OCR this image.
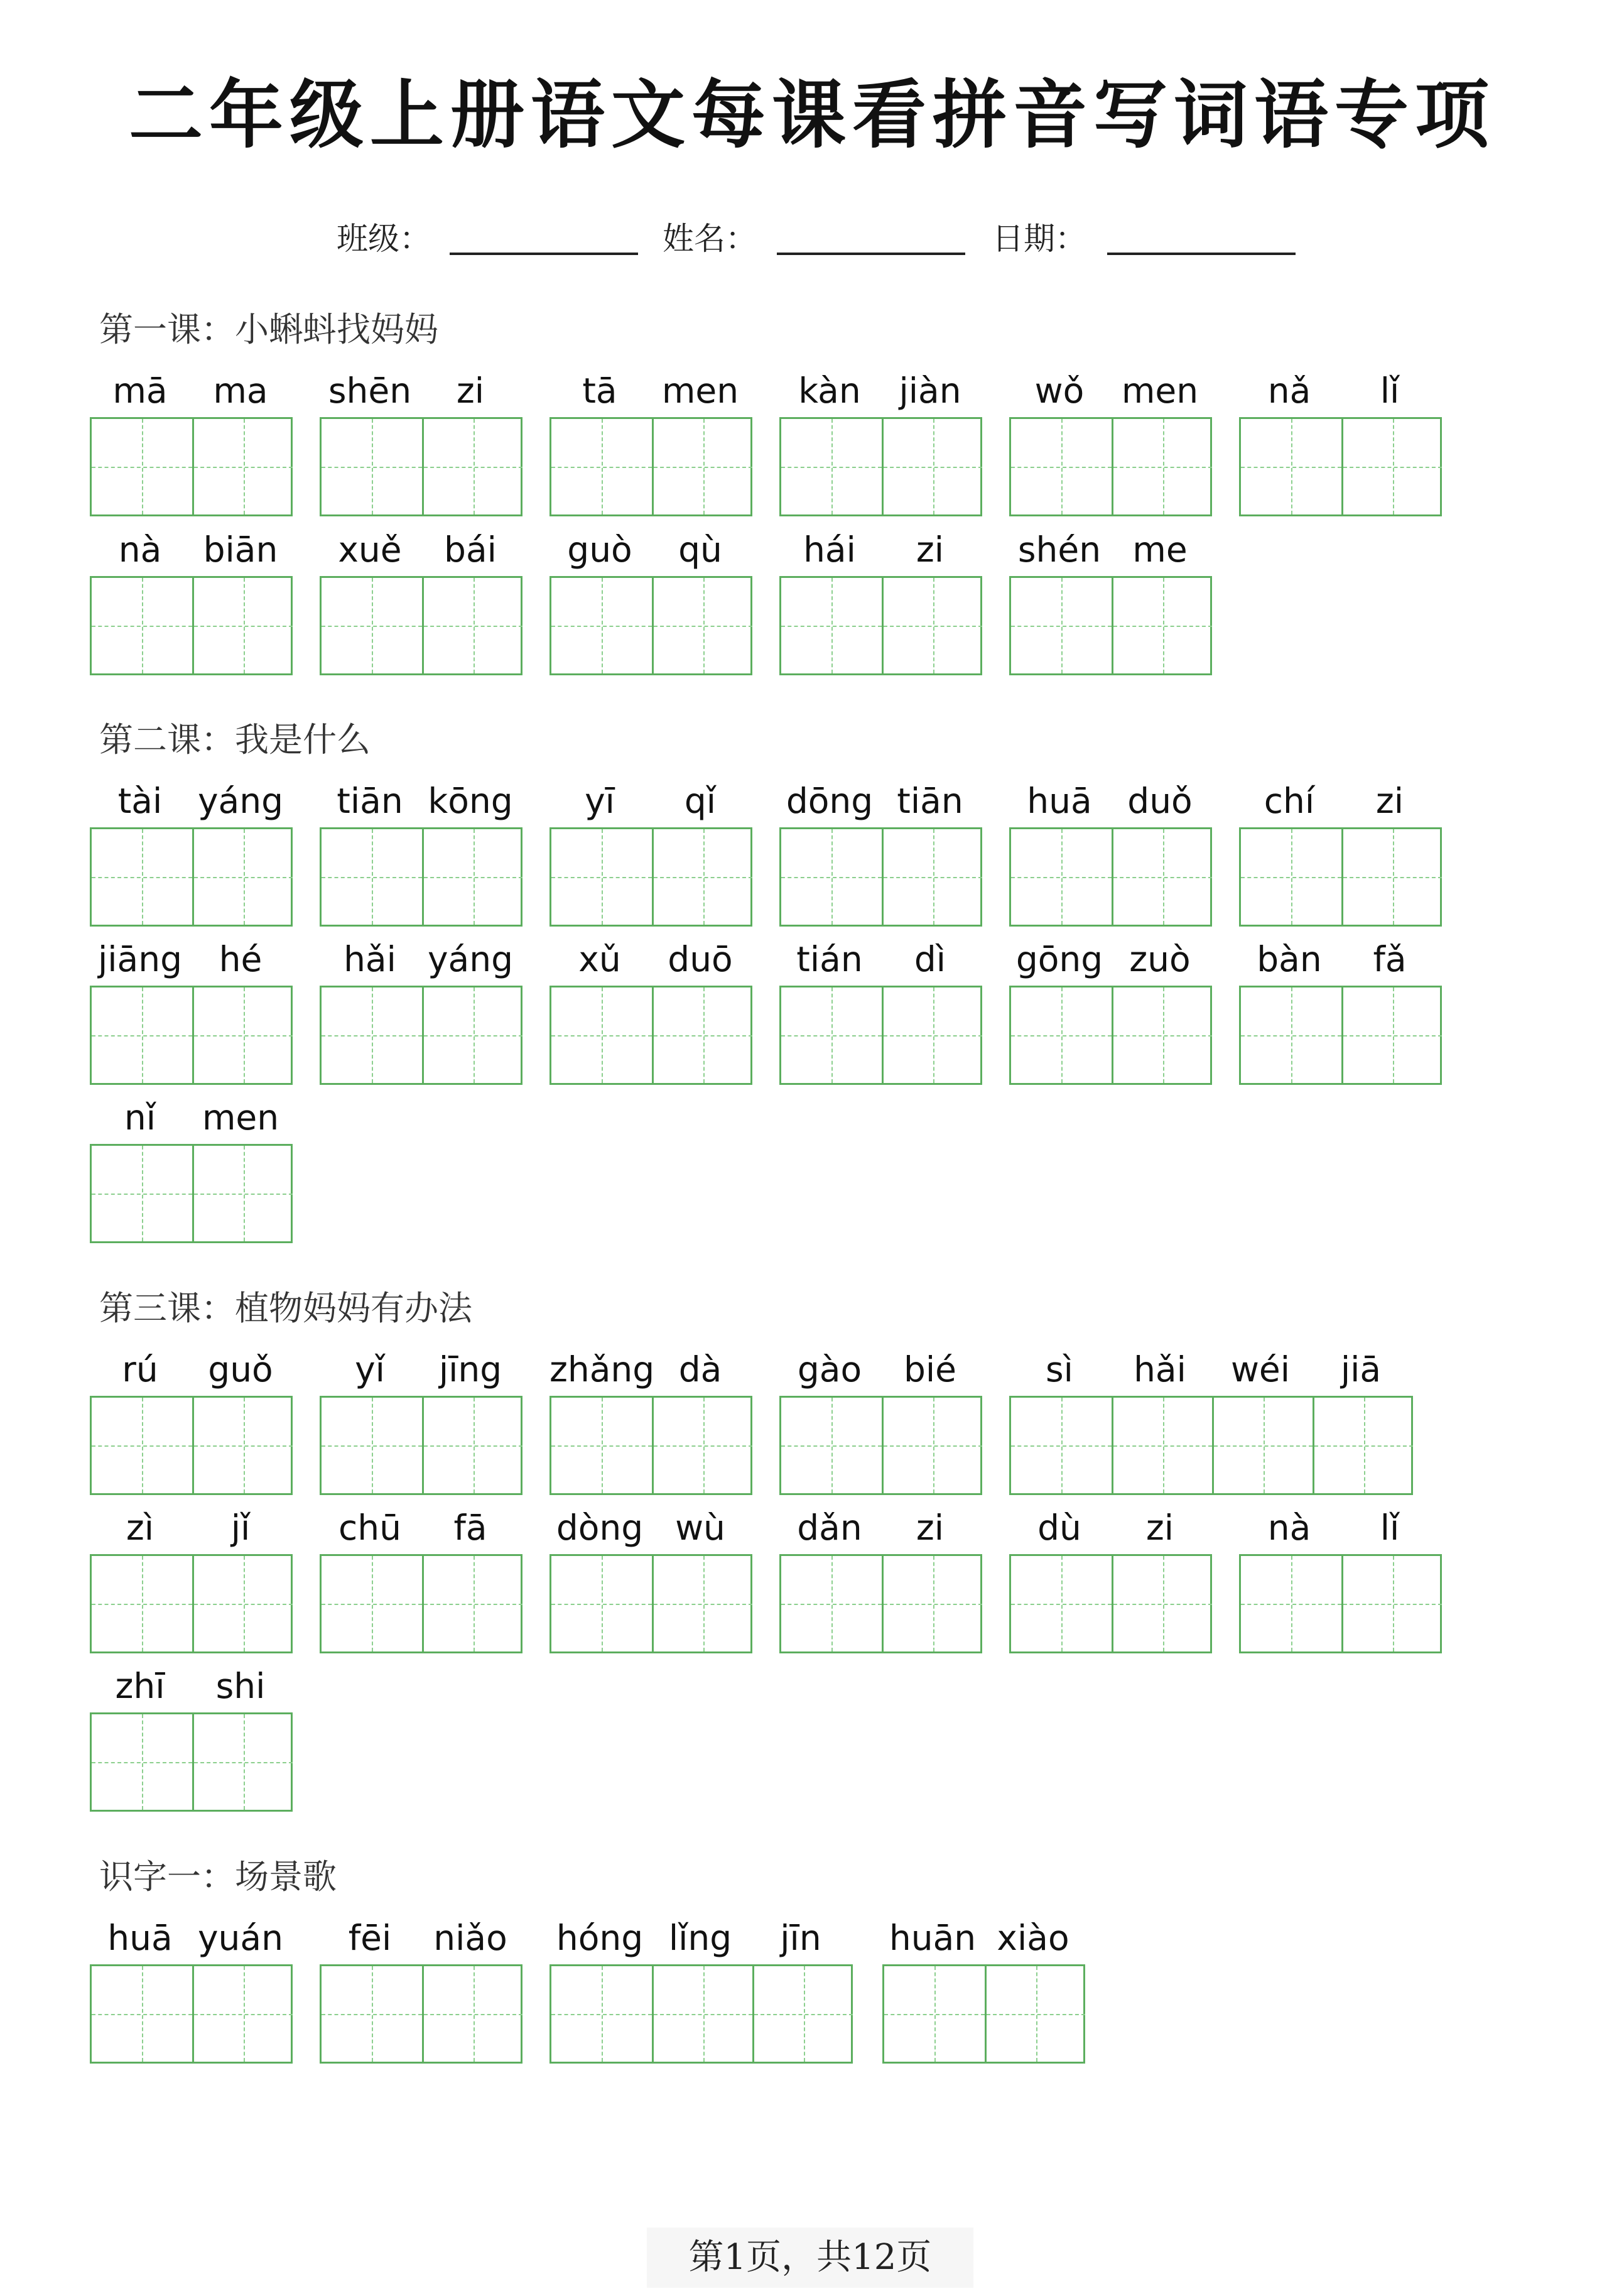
二年级上册语文每课看拼音写词语专项
班级：	姓名：	日期：
第一课：小蝌蚪找妈妈
mā	ma	shēn	zi	tā	men	kàn	jiàn	wǒ	men	nǎ	lǐ
nà	biān	xuě	bái	guò	qù	hái	zi	shén me
第二课：我是什么
tài	yáng	tiān kōng	yī	qǐ	dōng tiān	huā	duǒ	chí	zi
jiāng	hé	hǎi yáng	xǔ	duō	tián	dì	gōng zuò	bàn	fǎ
nǐ	men
第三课：植物妈妈有办法
rú	guǒ	yǐ	jīng	zhǎng dà	gào	bié	sì	hǎi	wéi	jiā
zì	jǐ	chū	fā	dòng wù	dǎn	zi	dù	zi	nà	lǐ
zhī	shi
识字一：场景歌
huā yuán	fēi	niǎo	hóng lǐng	jīn	huān xiào
第1页，共12页
